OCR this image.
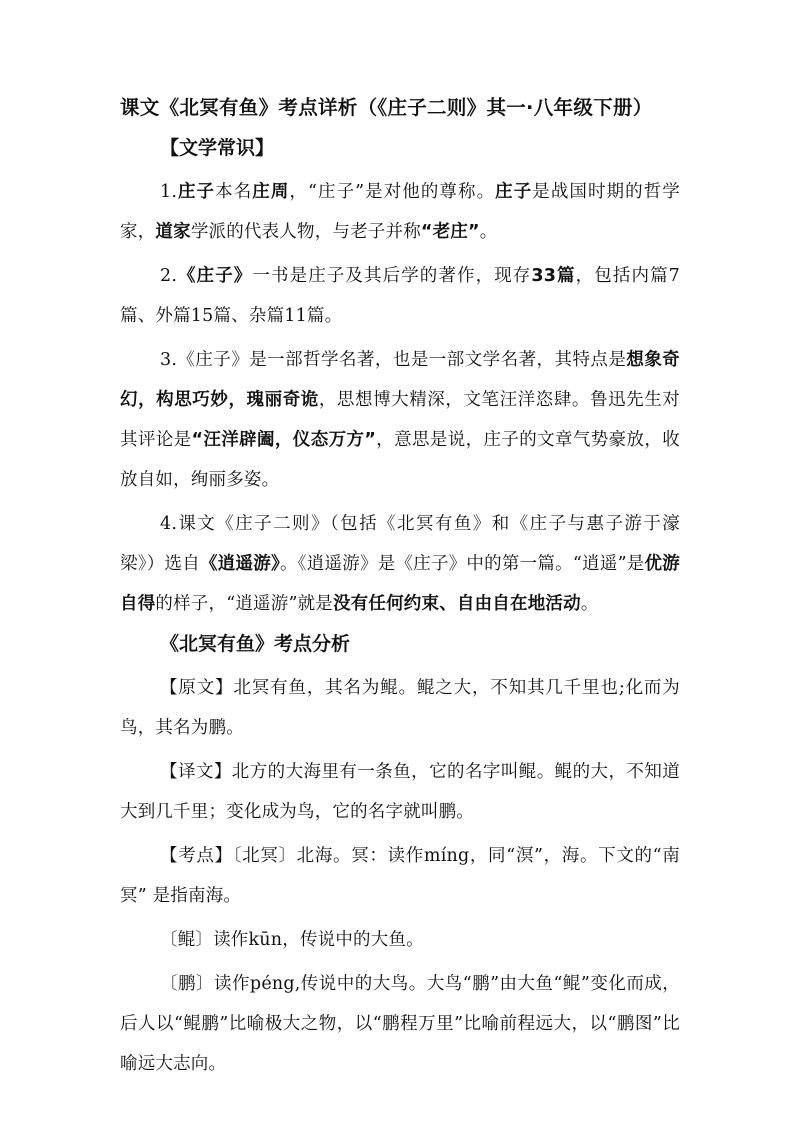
课文《北冥有鱼》考点详析（《庄子二则》其一·八年级下册）

【文学常识】

1.庄子本名庄周，“庄子”是对他的尊称。庄子是战国时期的哲学家，道家学派的代表人物，与老子并称“老庄”。

2.《庄子》一书是庄子及其后学的著作，现存33篇，包括内篇7篇、外篇15篇、杂篇11篇。

3.《庄子》是一部哲学名著，也是一部文学名著，其特点是想象奇幻，构思巧妙，瑰丽奇诡，思想博大精深，文笔汪洋恣肆。鲁迅先生对其评论是“汪洋辟阖，仪态万方”，意思是说，庄子的文章气势豪放，收放自如，绚丽多姿。

4.课文《庄子二则》（包括《北冥有鱼》和《庄子与惠子游于濠梁》）选自《逍遥游》。《逍遥游》是《庄子》中的第一篇。“逍遥”是优游自得的样子，“逍遥游”就是没有任何约束、自由自在地活动。

《北冥有鱼》考点分析

【原文】北冥有鱼，其名为鲲。鲲之大，不知其几千里也;化而为鸟，其名为鹏。

【译文】北方的大海里有一条鱼，它的名字叫鲲。鲲的大，不知道大到几千里；变化成为鸟，它的名字就叫鹏。

【考点】〔北冥〕北海。冥：读作míng，同“溟”，海。下文的“南冥” 是指南海。

〔鲲〕读作kūn，传说中的大鱼。

〔鹏〕读作péng,传说中的大鸟。大鸟“鹏”由大鱼“鲲”变化而成，后人以“鲲鹏”比喻极大之物，以“鹏程万里”比喻前程远大，以“鹏图”比喻远大志向。
